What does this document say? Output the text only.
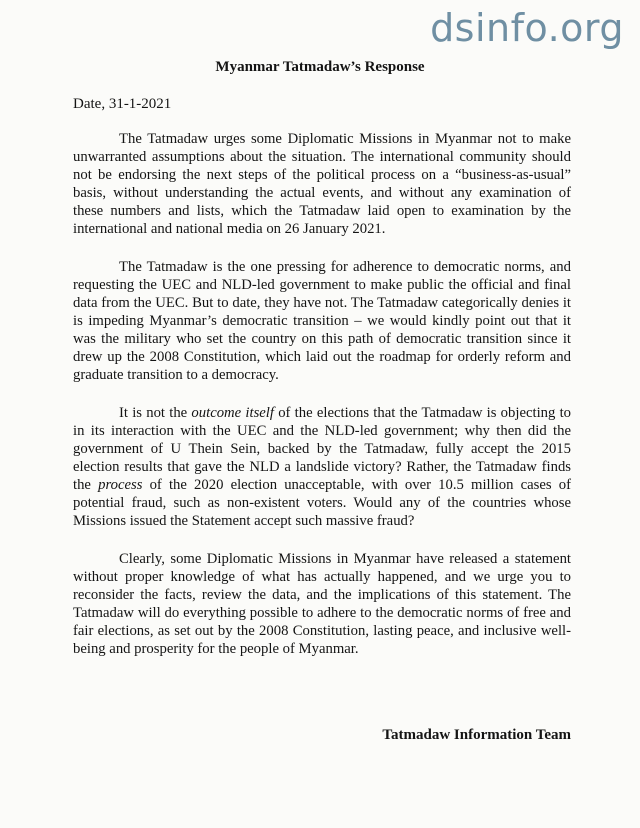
dsinfo.org
Myanmar Tatmadaw’s Response
Date, 31-1-2021

The Tatmadaw urges some Diplomatic Missions in Myanmar not to make unwarranted assumptions about the situation. The international community should not be endorsing the next steps of the political process on a “business-as-usual” basis, without understanding the actual events, and without any examination of these numbers and lists, which the Tatmadaw laid open to examination by the international and national media on 26 January 2021.

The Tatmadaw is the one pressing for adherence to democratic norms, and requesting the UEC and NLD-led government to make public the official and final data from the UEC. But to date, they have not. The Tatmadaw categorically denies it is impeding Myanmar’s democratic transition – we would kindly point out that it was the military who set the country on this path of democratic transition since it drew up the 2008 Constitution, which laid out the roadmap for orderly reform and graduate transition to a democracy.

It is not the outcome itself of the elections that the Tatmadaw is objecting to in its interaction with the UEC and the NLD-led government; why then did the government of U Thein Sein, backed by the Tatmadaw, fully accept the 2015 election results that gave the NLD a landslide victory? Rather, the Tatmadaw finds the process of the 2020 election unacceptable, with over 10.5 million cases of potential fraud, such as non-existent voters. Would any of the countries whose Missions issued the Statement accept such massive fraud?

Clearly, some Diplomatic Missions in Myanmar have released a statement without proper knowledge of what has actually happened, and we urge you to reconsider the facts, review the data, and the implications of this statement. The Tatmadaw will do everything possible to adhere to the democratic norms of free and fair elections, as set out by the 2008 Constitution, lasting peace, and inclusive well-being and prosperity for the people of Myanmar.

Tatmadaw Information Team
